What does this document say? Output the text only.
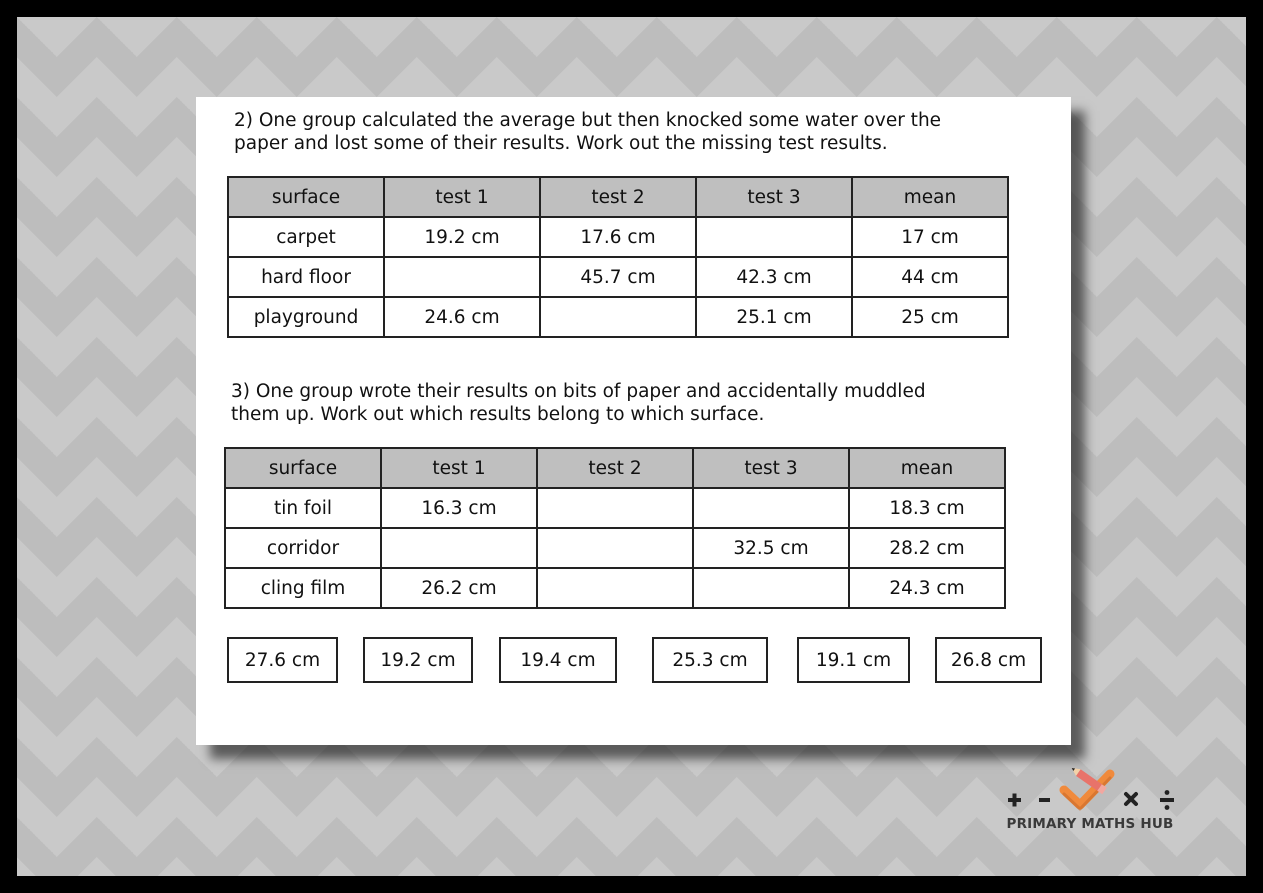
2) One group calculated the average but then knocked some water over the
paper and lost some of their results. Work out the missing test results.

surface	test 1	test 2	test 3	mean
carpet	19.2 cm	17.6 cm		17 cm
hard floor		45.7 cm	42.3 cm	44 cm
playground	24.6 cm		25.1 cm	25 cm

3) One group wrote their results on bits of paper and accidentally muddled
them up. Work out which results belong to which surface.

surface	test 1	test 2	test 3	mean
tin foil	16.3 cm			18.3 cm
corridor			32.5 cm	28.2 cm
cling film	26.2 cm			24.3 cm
27.6 cm	19.2 cm	19.4 cm	25.3 cm	19.1 cm	26.8 cm
PRIMARY MATHS HUB
